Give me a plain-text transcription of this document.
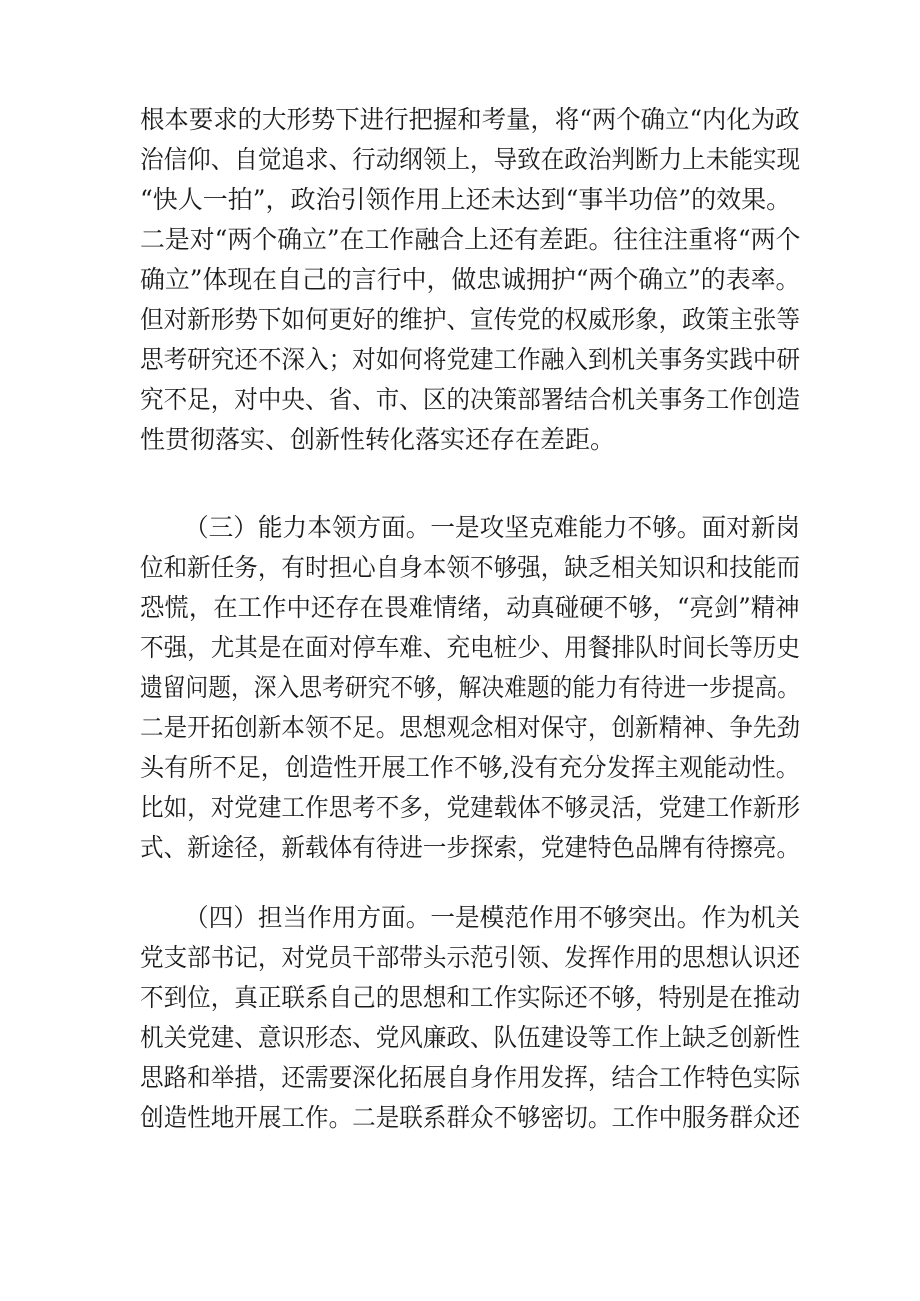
根本要求的大形势下进行把握和考量，将“两个确立“内化为政
治信仰、自觉追求、行动纲领上，导致在政治判断力上未能实现
“快人一拍”，政治引领作用上还未达到“事半功倍”的效果。
二是对“两个确立”在工作融合上还有差距。往往注重将“两个
确立”体现在自己的言行中，做忠诚拥护“两个确立”的表率。
但对新形势下如何更好的维护、宣传党的权威形象，政策主张等
思考研究还不深入；对如何将党建工作融入到机关事务实践中研
究不足，对中央、省、市、区的决策部署结合机关事务工作创造
性贯彻落实、创新性转化落实还存在差距。
（三）能力本领方面。一是攻坚克难能力不够。面对新岗
位和新任务，有时担心自身本领不够强，缺乏相关知识和技能而
恐慌，在工作中还存在畏难情绪，动真碰硬不够，“亮剑”精神
不强，尤其是在面对停车难、充电桩少、用餐排队时间长等历史
遗留问题，深入思考研究不够，解决难题的能力有待进一步提高。
二是开拓创新本领不足。思想观念相对保守，创新精神、争先劲
头有所不足，创造性开展工作不够,没有充分发挥主观能动性。
比如，对党建工作思考不多，党建载体不够灵活，党建工作新形
式、新途径，新载体有待进一步探索，党建特色品牌有待擦亮。
（四）担当作用方面。一是模范作用不够突出。作为机关
党支部书记，对党员干部带头示范引领、发挥作用的思想认识还
不到位，真正联系自己的思想和工作实际还不够，特别是在推动
机关党建、意识形态、党风廉政、队伍建设等工作上缺乏创新性
思路和举措，还需要深化拓展自身作用发挥，结合工作特色实际
创造性地开展工作。二是联系群众不够密切。工作中服务群众还
